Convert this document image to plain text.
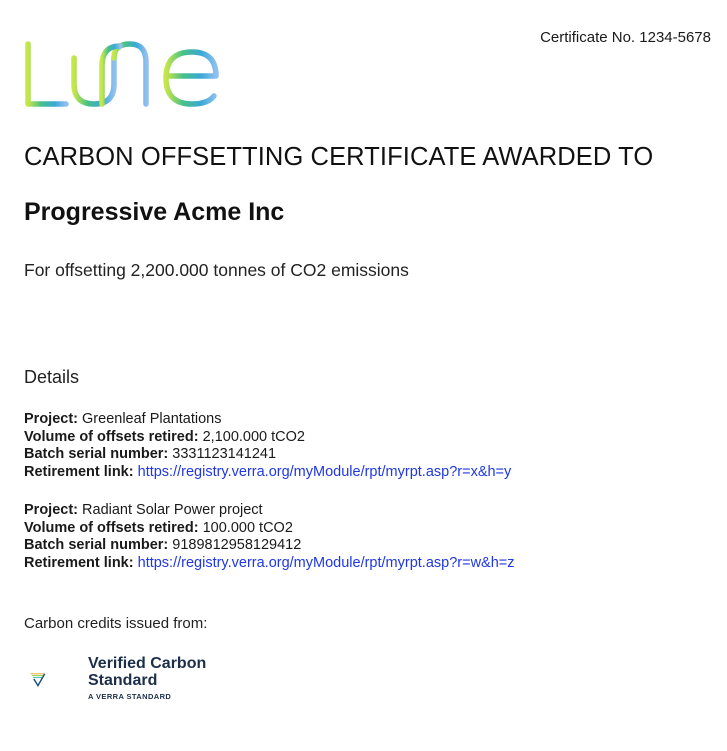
Certificate No. 1234-5678
CARBON OFFSETTING CERTIFICATE AWARDED TO
Progressive Acme Inc
For offsetting 2,200.000 tonnes of CO2 emissions
Details
Project: Greenleaf Plantations
Volume of offsets retired: 2,100.000 tCO2
Batch serial number: 3331123141241
Retirement link: https://registry.verra.org/myModule/rpt/myrpt.asp?r=x&h=y
Project: Radiant Solar Power project
Volume of offsets retired: 100.000 tCO2
Batch serial number: 9189812958129412
Retirement link: https://registry.verra.org/myModule/rpt/myrpt.asp?r=w&h=z
Carbon credits issued from:
Verified Carbon
Standard
A VERRA STANDARD
